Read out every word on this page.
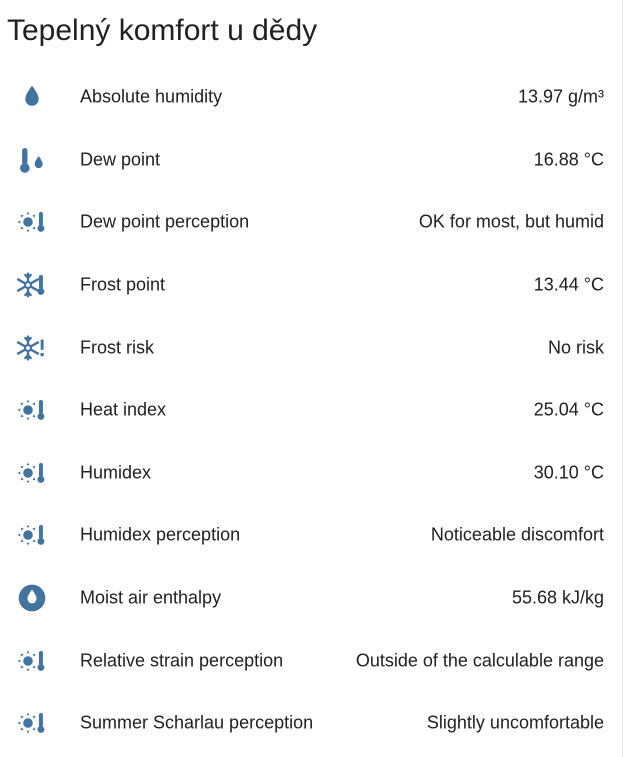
Tepelný komfort u dědy
Absolute humidity	13.97 g/m³
Dew point	16.88 °C
Dew point perception	OK for most, but humid
Frost point	13.44 °C
Frost risk	No risk
Heat index	25.04 °C
Humidex	30.10 °C
Humidex perception	Noticeable discomfort
Moist air enthalpy	55.68 kJ/kg
Relative strain perception	Outside of the calculable range
Summer Scharlau perception	Slightly uncomfortable
